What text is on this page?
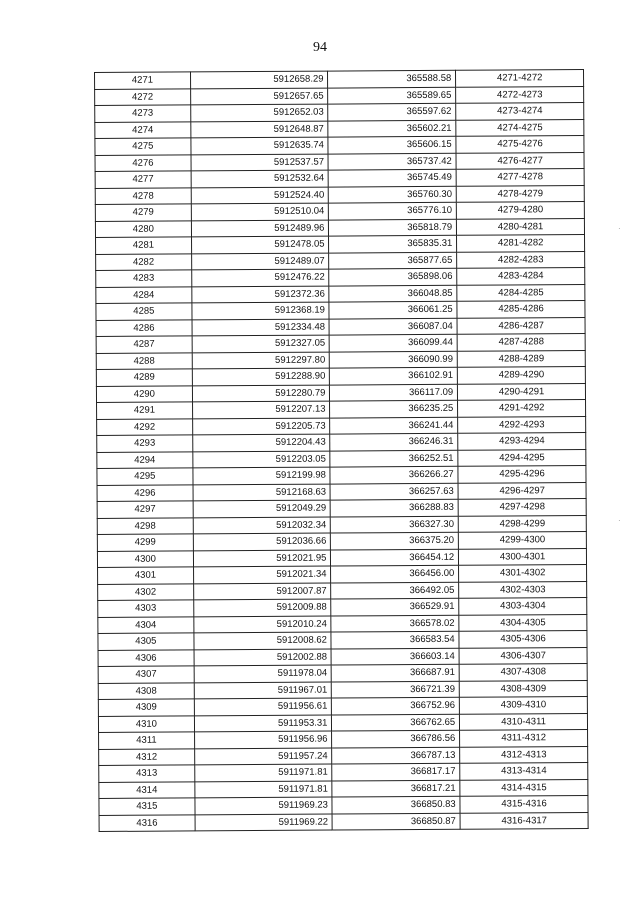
94
4271	5912658.29	365588.58	4271-4272
4272	5912657.65	365589.65	4272-4273
4273	5912652.03	365597.62	4273-4274
4274	5912648.87	365602.21	4274-4275
4275	5912635.74	365606.15	4275-4276
4276	5912537.57	365737.42	4276-4277
4277	5912532.64	365745.49	4277-4278
4278	5912524.40	365760.30	4278-4279
4279	5912510.04	365776.10	4279-4280
4280	5912489.96	365818.79	4280-4281
4281	5912478.05	365835.31	4281-4282
4282	5912489.07	365877.65	4282-4283
4283	5912476.22	365898.06	4283-4284
4284	5912372.36	366048.85	4284-4285
4285	5912368.19	366061.25	4285-4286
4286	5912334.48	366087.04	4286-4287
4287	5912327.05	366099.44	4287-4288
4288	5912297.80	366090.99	4288-4289
4289	5912288.90	366102.91	4289-4290
4290	5912280.79	366117.09	4290-4291
4291	5912207.13	366235.25	4291-4292
4292	5912205.73	366241.44	4292-4293
4293	5912204.43	366246.31	4293-4294
4294	5912203.05	366252.51	4294-4295
4295	5912199.98	366266.27	4295-4296
4296	5912168.63	366257.63	4296-4297
4297	5912049.29	366288.83	4297-4298
4298	5912032.34	366327.30	4298-4299
4299	5912036.66	366375.20	4299-4300
4300	5912021.95	366454.12	4300-4301
4301	5912021.34	366456.00	4301-4302
4302	5912007.87	366492.05	4302-4303
4303	5912009.88	366529.91	4303-4304
4304	5912010.24	366578.02	4304-4305
4305	5912008.62	366583.54	4305-4306
4306	5912002.88	366603.14	4306-4307
4307	5911978.04	366687.91	4307-4308
4308	5911967.01	366721.39	4308-4309
4309	5911956.61	366752.96	4309-4310
4310	5911953.31	366762.65	4310-4311
4311	5911956.96	366786.56	4311-4312
4312	5911957.24	366787.13	4312-4313
4313	5911971.81	366817.17	4313-4314
4314	5911971.81	366817.21	4314-4315
4315	5911969.23	366850.83	4315-4316
4316	5911969.22	366850.87	4316-4317
·
·
